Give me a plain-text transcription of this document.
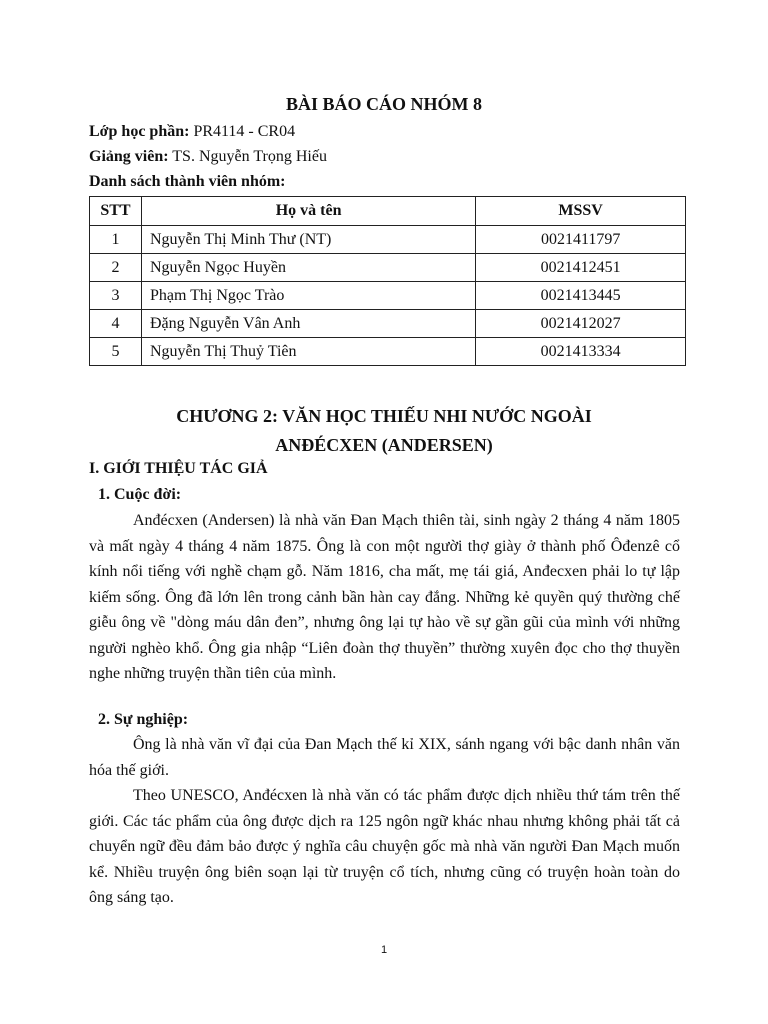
BÀI BÁO CÁO NHÓM 8
Lớp học phần: PR4114 - CR04
Giảng viên: TS. Nguyễn Trọng Hiếu
Danh sách thành viên nhóm:
STT	Họ và tên	MSSV
1	Nguyễn Thị Minh Thư (NT)	0021411797
2	Nguyễn Ngọc Huyền	0021412451
3	Phạm Thị Ngọc Trào	0021413445
4	Đặng Nguyễn Vân Anh	0021412027
5	Nguyễn Thị Thuỷ Tiên	0021413334
CHƯƠNG 2: VĂN HỌC THIẾU NHI NƯỚC NGOÀI
ANĐÉCXEN (ANDERSEN)
I. GIỚI THIỆU TÁC GIẢ
1. Cuộc đời:

Anđécxen (Andersen) là nhà văn Đan Mạch thiên tài, sinh ngày 2 tháng 4 năm 1805 và mất ngày 4 tháng 4 năm 1875. Ông là con một người thợ giày ở thành phố Ôđenzê cổ kính nổi tiếng với nghề chạm gỗ. Năm 1816, cha mất, mẹ tái giá, Anđecxen phải lo tự lập kiếm sống. Ông đã lớn lên trong cảnh bần hàn cay đắng. Những kẻ quyền quý thường chế giễu ông về "dòng máu dân đen”, nhưng ông lại tự hào về sự gần gũi của mình với những người nghèo khổ. Ông gia nhập “Liên đoàn thợ thuyền” thường xuyên đọc cho thợ thuyền nghe những truyện thần tiên của mình.

2. Sự nghiệp:

Ông là nhà văn vĩ đại của Đan Mạch thế kỉ XIX, sánh ngang với bậc danh nhân văn hóa thế giới.

Theo UNESCO, Anđécxen là nhà văn có tác phẩm được dịch nhiều thứ tám trên thế giới. Các tác phẩm của ông được dịch ra 125 ngôn ngữ khác nhau nhưng không phải tất cả chuyển ngữ đều đảm bảo được ý nghĩa câu chuyện gốc mà nhà văn người Đan Mạch muốn kể. Nhiều truyện ông biên soạn lại từ truyện cổ tích, nhưng cũng có truyện hoàn toàn do ông sáng tạo.

1
